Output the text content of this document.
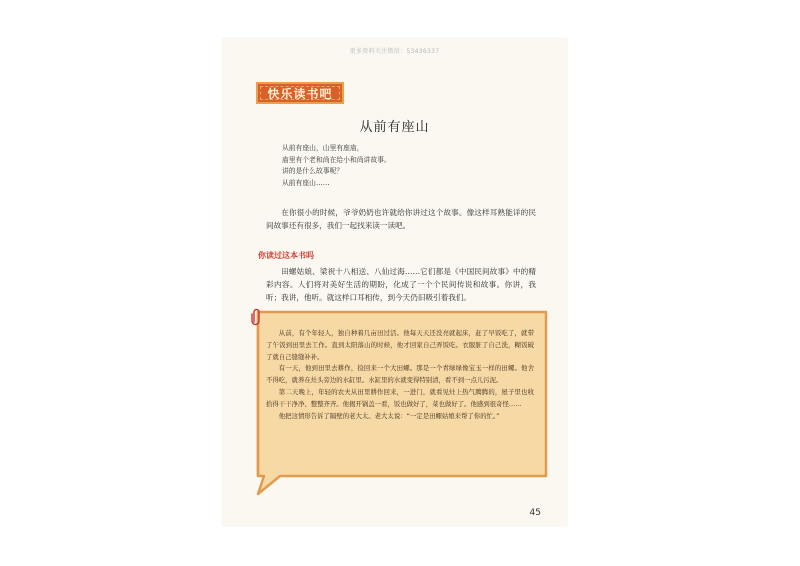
更多资料关注微信：53436337
快乐读书吧
从前有座山
从前有座山，山里有座庙，
庙里有个老和尚在给小和尚讲故事。
讲的是什么故事呢？
从前有座山……
在你很小的时候，爷爷奶奶也许就给你讲过这个故事。像这样耳熟能详的民间故事还有很多，我们一起找来读一读吧。
你读过这本书吗
田螺姑娘、梁祝十八相送、八仙过海……它们都是《中国民间故事》中的精彩内容。人们将对美好生活的期盼，化成了一个个民间传说和故事。你讲，我听；我讲，他听。就这样口耳相传，到今天仍旧吸引着我们。

从前，有个年轻人，独自种着几亩田过活。他每天天还没亮就起床，赶了早饭吃了，就带了午饭到田里去工作。直到太阳落山的时候，他才回家自己弄饭吃。衣服脏了自己洗，糊饭破了就自己缝缝补补。

有一天，他到田里去耕作，捡回来一个大田螺。那是一个青绿绿像宝玉一样的田螺。他舍不得吃，就养在灶头旁边的水缸里。水缸里的水就变得特别清，看不到一点儿污泥。

第二天晚上，年轻的农夫从田里耕作回来，一进门，就看见灶上热气腾腾的，屋子里也收拾得干干净净、整整齐齐。他揭开锅盖一看，饭也做好了，菜也做好了。他感到很奇怪……

他把这情形告诉了隔壁的老大太。老大太说：“一定是田螺姑娘来帮了你的忙。”

45
